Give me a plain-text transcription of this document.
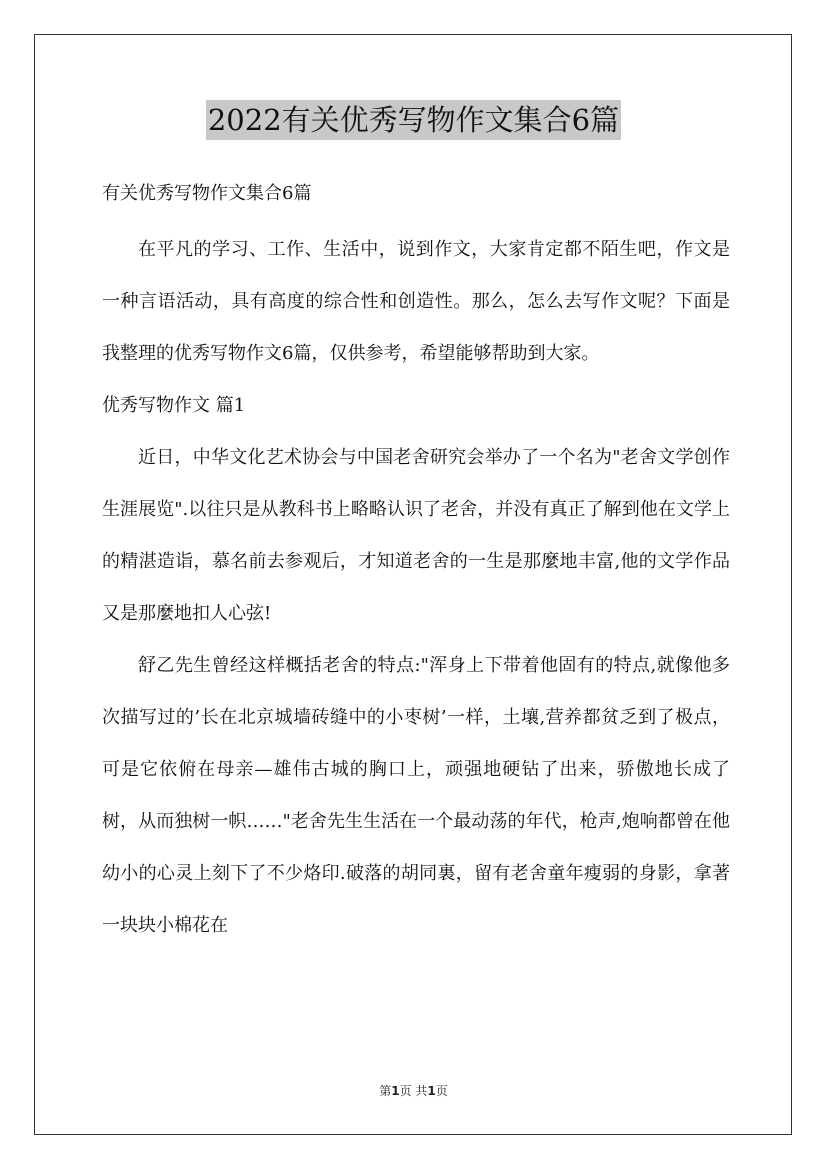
2022有关优秀写物作文集合6篇
有关优秀写物作文集合6篇

在平凡的学习、工作、生活中，说到作文，大家肯定都不陌生吧，作文是一种言语活动，具有高度的综合性和创造性。那么，怎么去写作文呢？下面是我整理的优秀写物作文6篇，仅供参考，希望能够帮助到大家。

优秀写物作文 篇1

近日，中华文化艺术协会与中国老舍研究会举办了一个名为"老舍文学创作生涯展览".以往只是从教科书上略略认识了老舍，并没有真正了解到他在文学上的精湛造诣，慕名前去参观后，才知道老舍的一生是那麼地丰富,他的文学作品又是那麼地扣人心弦!

舒乙先生曾经这样概括老舍的特点:"浑身上下带着他固有的特点,就像他多次描写过的’长在北京城墙砖缝中的小枣树’一样，土壤,营养都贫乏到了极点，可是它依俯在母亲—雄伟古城的胸口上，顽强地硬钻了出来，骄傲地长成了树，从而独树一帜……"老舍先生生活在一个最动荡的年代，枪声,炮响都曾在他幼小的心灵上刻下了不少烙印.破落的胡同裏，留有老舍童年瘦弱的身影，拿著一块块小棉花在

第1页 共1页
